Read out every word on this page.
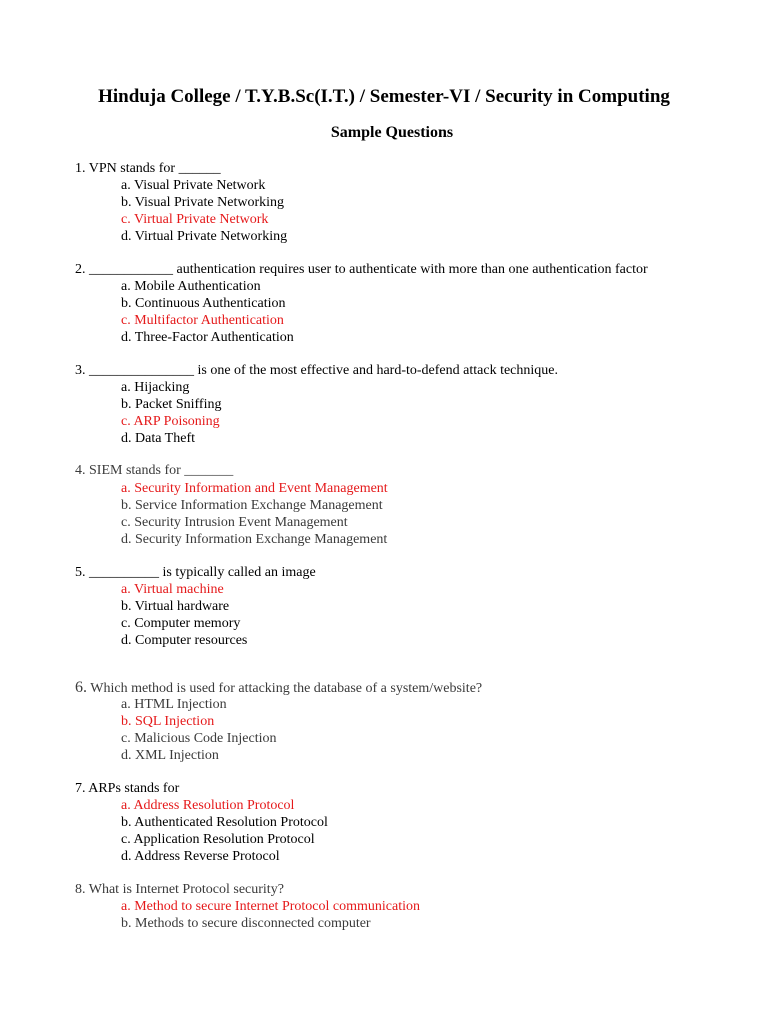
Hinduja College / T.Y.B.Sc(I.T.) / Semester-VI / Security in Computing
Sample Questions
1. VPN stands for ______
a. Visual Private Network
b. Visual Private Networking
c. Virtual Private Network
d. Virtual Private Networking
2. ____________ authentication requires user to authenticate with more than one authentication factor
a. Mobile Authentication
b. Continuous Authentication
c. Multifactor Authentication
d. Three-Factor Authentication
3. _______________ is one of the most effective and hard-to-defend attack technique.
a. Hijacking
b. Packet Sniffing
c. ARP Poisoning
d. Data Theft
4. SIEM stands for _______
a. Security Information and Event Management
b. Service Information Exchange Management
c. Security Intrusion Event Management
d. Security Information Exchange Management
5. __________ is typically called an image
a. Virtual machine
b. Virtual hardware
c. Computer memory
d. Computer resources
6. Which method is used for attacking the database of a system/website?
a. HTML Injection
b. SQL Injection
c. Malicious Code Injection
d. XML Injection
7. ARPs stands for
a. Address Resolution Protocol
b. Authenticated Resolution Protocol
c. Application Resolution Protocol
d. Address Reverse Protocol
8. What is Internet Protocol security?
a. Method to secure Internet Protocol communication
b. Methods to secure disconnected computer
